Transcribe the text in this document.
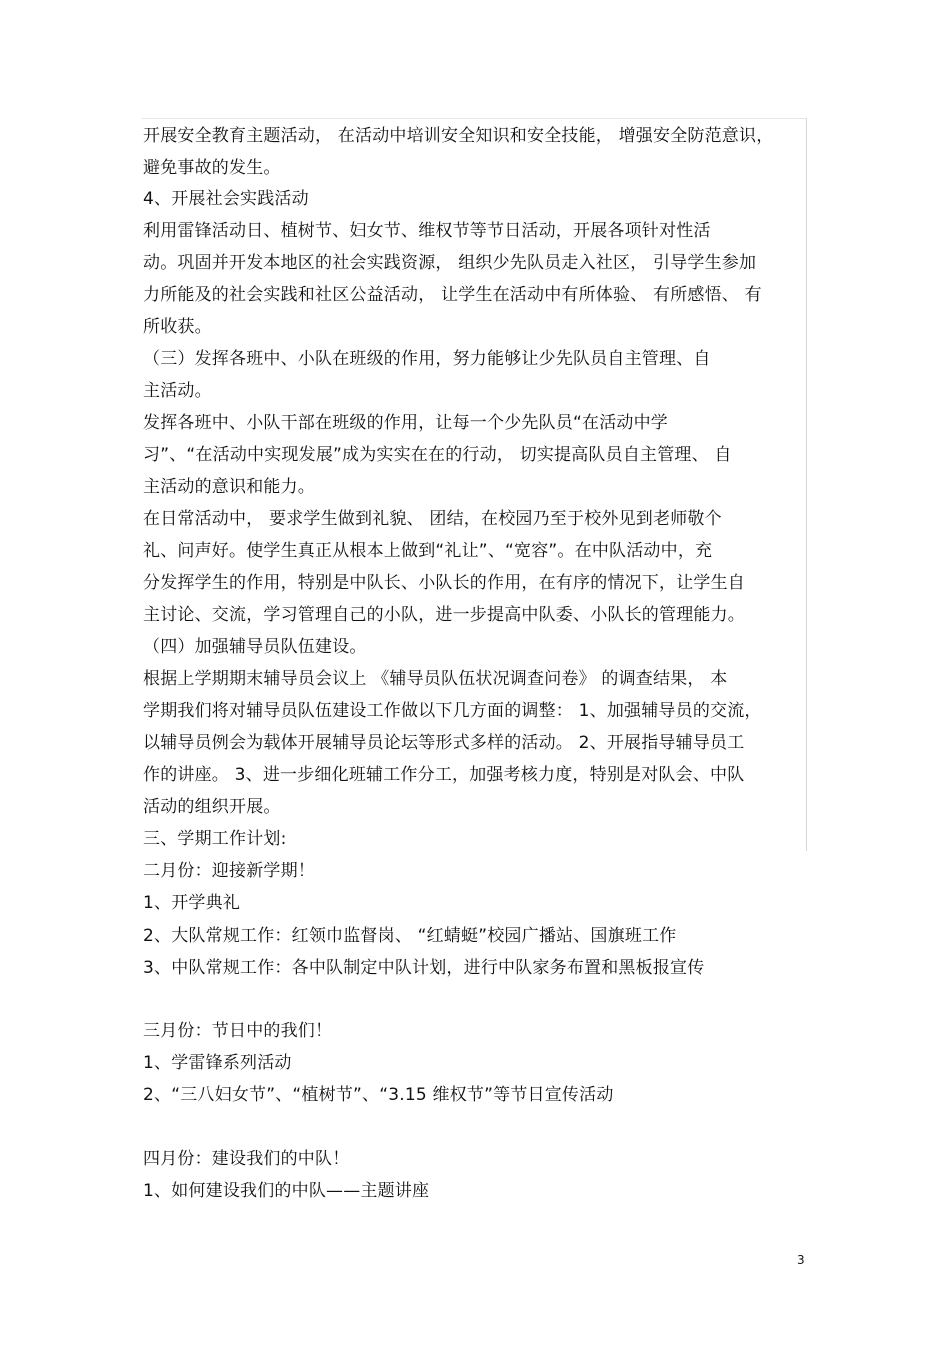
开展安全教育主题活动， 在活动中培训安全知识和安全技能， 增强安全防范意识，
避免事故的发生。
4、开展社会实践活动
利用雷锋活动日、植树节、妇女节、维权节等节日活动，开展各项针对性活
动。巩固并开发本地区的社会实践资源， 组织少先队员走入社区， 引导学生参加
力所能及的社会实践和社区公益活动， 让学生在活动中有所体验、 有所感悟、 有
所收获。
（三）发挥各班中、小队在班级的作用，努力能够让少先队员自主管理、自
主活动。
发挥各班中、小队干部在班级的作用，让每一个少先队员“在活动中学
习”、“在活动中实现发展”成为实实在在的行动， 切实提高队员自主管理、 自
主活动的意识和能力。
在日常活动中， 要求学生做到礼貌、 团结，在校园乃至于校外见到老师敬个
礼、问声好。使学生真正从根本上做到“礼让”、“宽容”。在中队活动中，充
分发挥学生的作用，特别是中队长、小队长的作用，在有序的情况下，让学生自
主讨论、交流，学习管理自己的小队，进一步提高中队委、小队长的管理能力。
（四）加强辅导员队伍建设。
根据上学期期末辅导员会议上 《辅导员队伍状况调查问卷》 的调查结果， 本
学期我们将对辅导员队伍建设工作做以下几方面的调整： 1、加强辅导员的交流，
以辅导员例会为载体开展辅导员论坛等形式多样的活动。 2、开展指导辅导员工
作的讲座。 3、进一步细化班辅工作分工，加强考核力度，特别是对队会、中队
活动的组织开展。
三、学期工作计划:
二月份：迎接新学期！
1、开学典礼
2、大队常规工作：红领巾监督岗、 “红蜻蜓”校园广播站、国旗班工作
3、中队常规工作：各中队制定中队计划，进行中队家务布置和黑板报宣传
三月份：节日中的我们！
1、学雷锋系列活动
2、“三八妇女节”、“植树节”、“3.15 维权节”等节日宣传活动
四月份：建设我们的中队！
1、如何建设我们的中队——主题讲座
3
